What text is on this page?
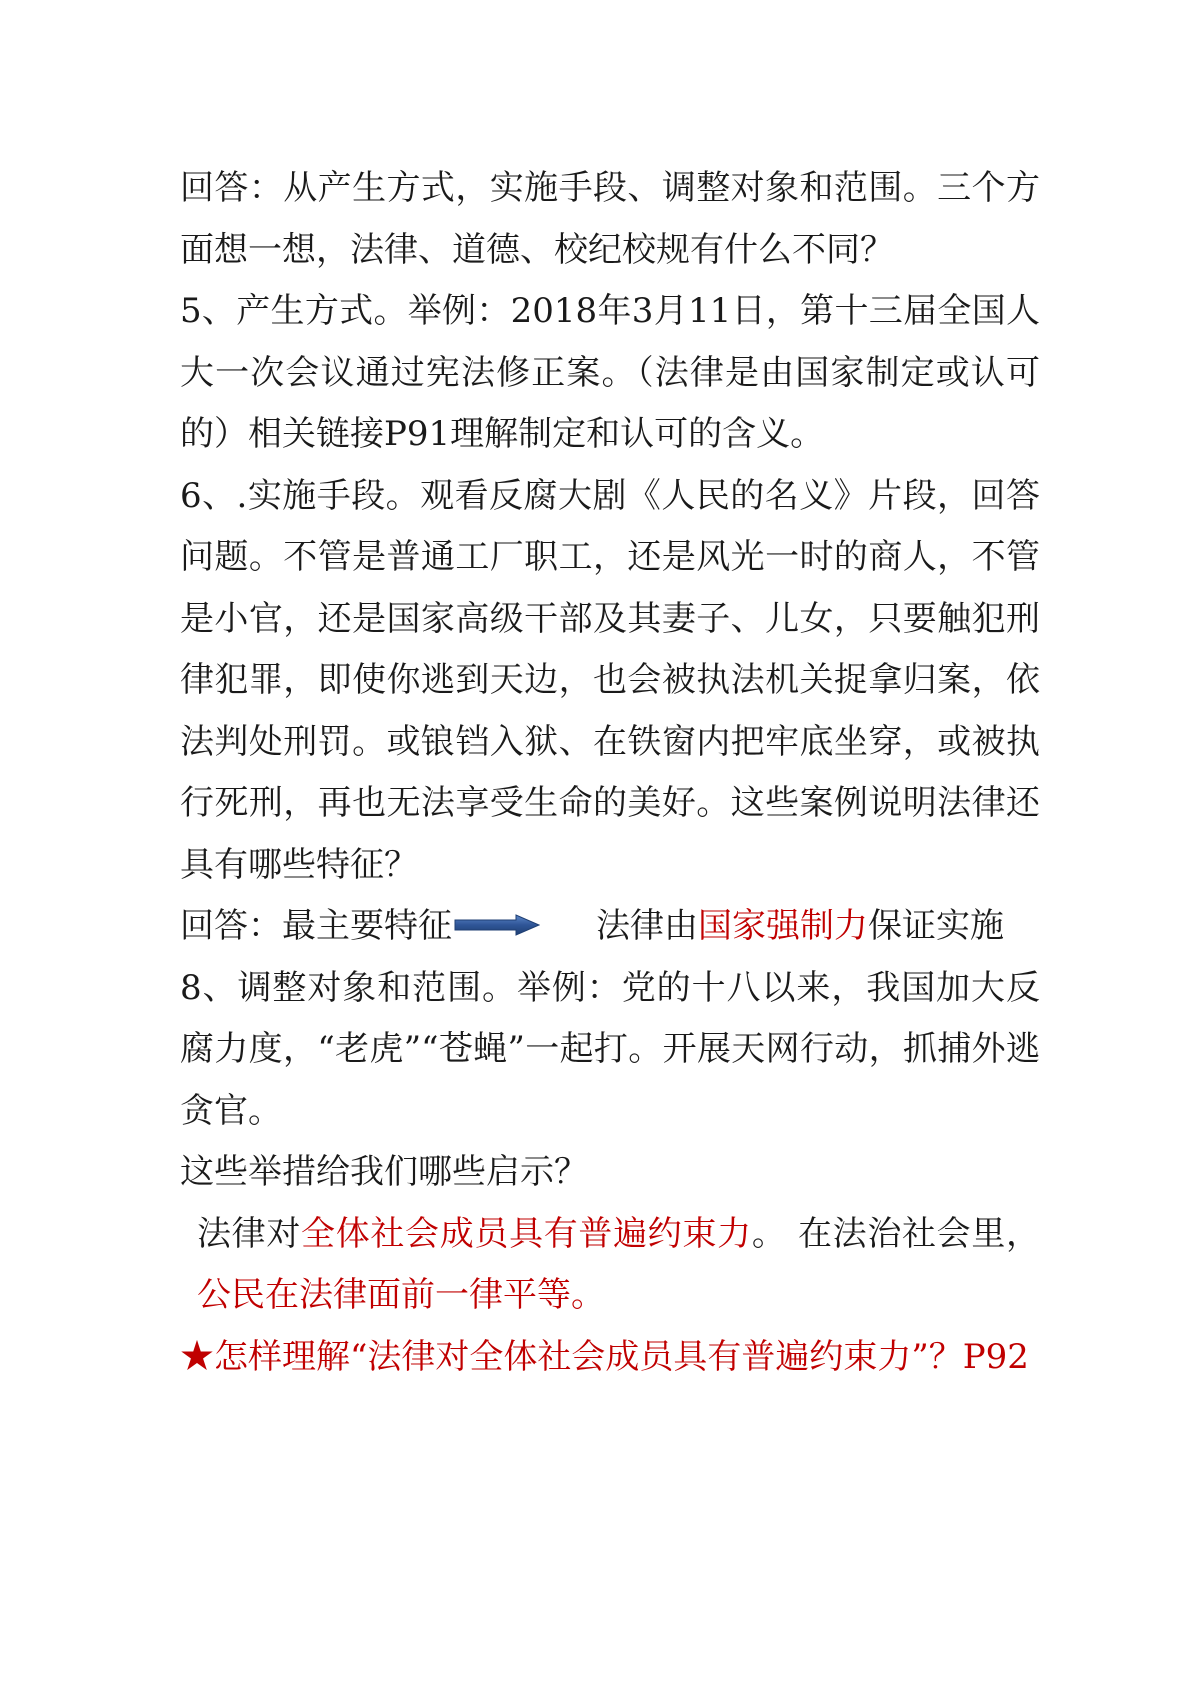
回答：从产生方式，实施手段、调整对象和范围。三个方面想一想，法律、道德、校纪校规有什么不同？

5、产生方式。举例：2018年3月11日，第十三届全国人大一次会议通过宪法修正案。（法律是由国家制定或认可的）相关链接P91理解制定和认可的含义。

6、.实施手段。观看反腐大剧《人民的名义》片段，回答问题。不管是普通工厂职工，还是风光一时的商人，不管是小官，还是国家高级干部及其妻子、儿女，只要触犯刑律犯罪，即使你逃到天边，也会被执法机关捉拿归案，依法判处刑罚。或锒铛入狱、在铁窗内把牢底坐穿，或被执行死刑，再也无法享受生命的美好。这些案例说明法律还具有哪些特征？

回答：最主要特征	法律由国家强制力保证实施

8、调整对象和范围。举例：党的十八以来，我国加大反腐力度，“老虎”“苍蝇”一起打。开展天网行动，抓捕外逃贪官。

这些举措给我们哪些启示？

法律对全体社会成员具有普遍约束力。 在法治社会里，公民在法律面前一律平等。

★怎样理解“法律对全体社会成员具有普遍约束力”？P92
